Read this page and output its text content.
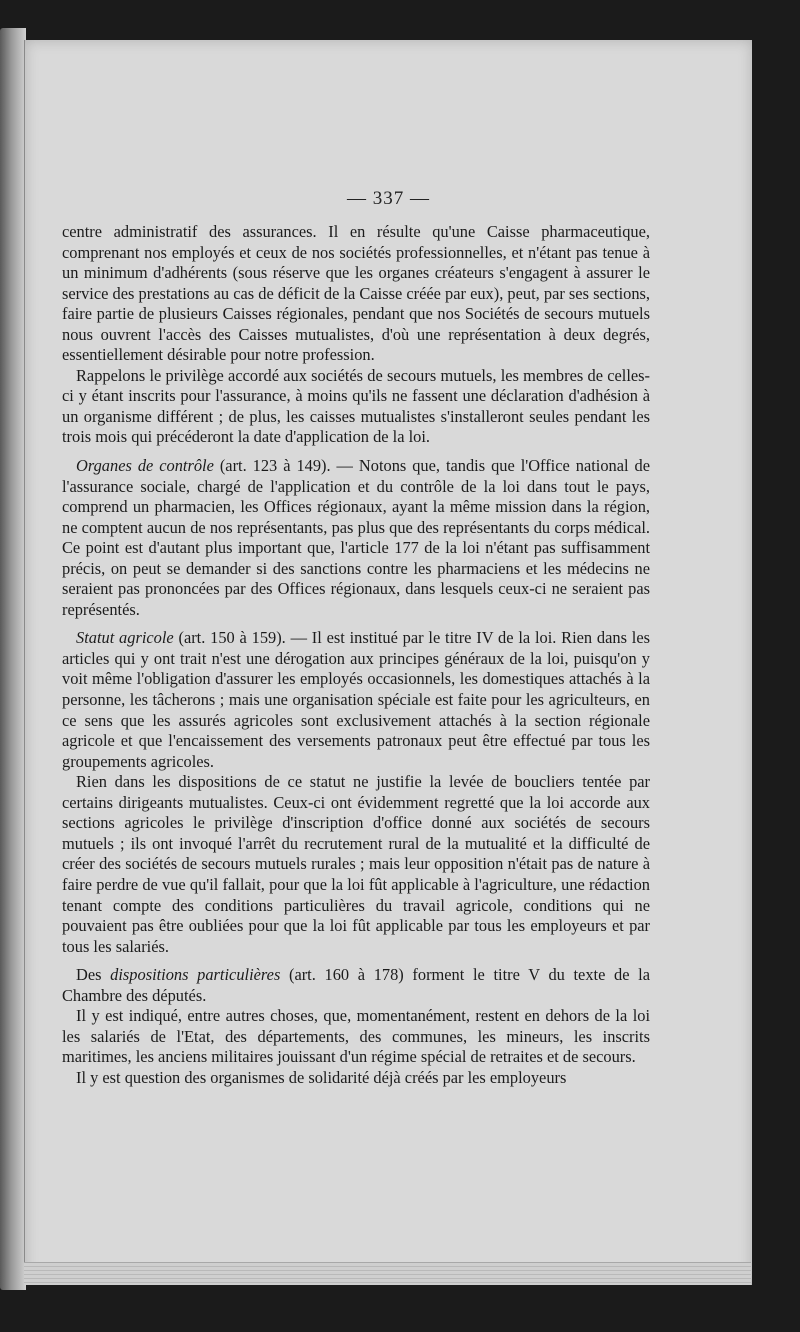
— 337 —

centre administratif des assurances. Il en résulte qu'une Caisse pharmaceutique, comprenant nos employés et ceux de nos sociétés professionnelles, et n'étant pas tenue à un minimum d'adhérents (sous réserve que les organes créateurs s'engagent à assurer le service des prestations au cas de déficit de la Caisse créée par eux), peut, par ses sections, faire partie de plusieurs Caisses régionales, pendant que nos Sociétés de secours mutuels nous ouvrent l'accès des Caisses mutualistes, d'où une représentation à deux degrés, essentiellement désirable pour notre profession.

Rappelons le privilège accordé aux sociétés de secours mutuels, les membres de celles-ci y étant inscrits pour l'assurance, à moins qu'ils ne fassent une déclaration d'adhésion à un organisme différent ; de plus, les caisses mutualistes s'installeront seules pendant les trois mois qui précéderont la date d'application de la loi.

Organes de contrôle (art. 123 à 149). — Notons que, tandis que l'Office national de l'assurance sociale, chargé de l'application et du contrôle de la loi dans tout le pays, comprend un pharmacien, les Offices régionaux, ayant la même mission dans la région, ne comptent aucun de nos représentants, pas plus que des représentants du corps médical. Ce point est d'autant plus important que, l'article 177 de la loi n'étant pas suffisamment précis, on peut se demander si des sanctions contre les pharmaciens et les médecins ne seraient pas prononcées par des Offices régionaux, dans lesquels ceux-ci ne seraient pas représentés.

Statut agricole (art. 150 à 159). — Il est institué par le titre IV de la loi. Rien dans les articles qui y ont trait n'est une dérogation aux principes généraux de la loi, puisqu'on y voit même l'obligation d'assurer les employés occasionnels, les domestiques attachés à la personne, les tâcherons ; mais une organisation spéciale est faite pour les agriculteurs, en ce sens que les assurés agricoles sont exclusivement attachés à la section régionale agricole et que l'encaissement des versements patronaux peut être effectué par tous les groupements agricoles.

Rien dans les dispositions de ce statut ne justifie la levée de boucliers tentée par certains dirigeants mutualistes. Ceux-ci ont évidemment regretté que la loi accorde aux sections agricoles le privilège d'inscription d'office donné aux sociétés de secours mutuels ; ils ont invoqué l'arrêt du recrutement rural de la mutualité et la difficulté de créer des sociétés de secours mutuels rurales ; mais leur opposition n'était pas de nature à faire perdre de vue qu'il fallait, pour que la loi fût applicable à l'agriculture, une rédaction tenant compte des conditions particulières du travail agricole, conditions qui ne pouvaient pas être oubliées pour que la loi fût applicable par tous les employeurs et par tous les salariés.

Des dispositions particulières (art. 160 à 178) forment le titre V du texte de la Chambre des députés.

Il y est indiqué, entre autres choses, que, momentanément, restent en dehors de la loi les salariés de l'Etat, des départements, des communes, les mineurs, les inscrits maritimes, les anciens militaires jouissant d'un régime spécial de retraites et de secours.

Il y est question des organismes de solidarité déjà créés par les employeurs
